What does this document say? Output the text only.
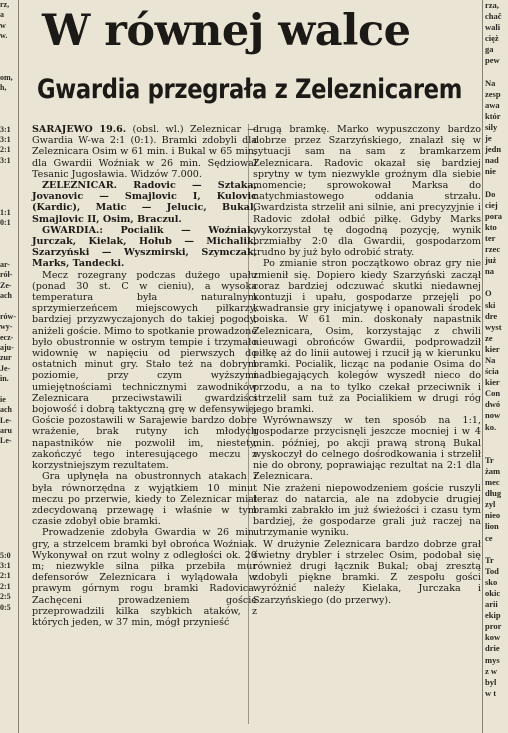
rz,
a
w
w.
om,
h,
3:1
3:1
2:1
3:1
1:1
0:1
ar-
rół-
Ze-
ach
rów-
wy-
ecz-
aju-
zur
Je-
in.
ie
ach
Le-
aru
Le-
5:0
3:1
2:1
2:1
2:5
0:5
rza,
chač
wali
cięż
ga
pew
Na
zesp
awa
któr
sily
je
jedn
nad
nie
Do
ciej
pora
kto
ter
rzec
już
na
O
ski
dre
wyst
ze
kier
Na
ścia
kier
Con
dwó
now
ko.
Tr
żam
mec
dług
zyl
nieo
lion
ce
Tr
Tod
sko
okic
arii
ekip
pror
kow
drie
mys
z w
byl
w t
W równej walce
Gwardia przegrała z Zeleznicarem

SARAJEWO 19.6. (obsl. wl.) Zeleznicar — Gwardia W-wa 2:1 (0:1). Bramki zdobyli dla Zeleznicara Osim w 61 min. i Bukal w 65 min, dla Gwardii Woźniak w 26 min. Sędziował Tesanic Jugosławia. Widzów 7.000.

ZELEZNICAR. Radovic — Sztaka, Jovanovic — Smajlovic I, Kulovic (Kardic), Matic — Jelucic, Bukal, Smajlovic II, Osim, Braczul.

GWARDIA.: Pocialik — Woźniak, Jurczak, Kielak, Hołub — Michalik, Szarzyński — Wyszmirski, Szymczak, Marks, Tandecki.

Mecz rozegrany podczas dużego upału (ponad 30 st. C w cieniu), a wysoka temperatura była naturalnym sprzymierzeńcem miejscowych piłkarzy, bardziej przyzwyczajonych do takiej pogody, aniżeli goście. Mimo to spotkanie prowadzone było obustronnie w ostrym tempie i trzymało widownię w napięciu od pierwszych do ostatnich minut gry. Stało też na dobrym poziomie, przy czym wyższymi umiejętnościami technicznymi zawodników Zeleznicara przeciwstawili gwardziści bojowość i dobrą taktyczną grę w defensywie. Goście pozostawili w Sarajewie bardzo dobre wrażenie, brak rutyny ich młodych napastników nie pozwolił im, niestety, zakończyć tego interesującego meczu z korzystniejszym rezultatem.

Gra upłynęła na obustronnych atakach i była równorzędna z wyjątkiem 10 minut meczu po przerwie, kiedy to Zeleznicar miał zdecydowaną przewagę i właśnie w tym czasie zdobył obie bramki.

Prowadzenie zdobyła Gwardia w 26 min. gry, a strzelcem bramki był obrońca Woźniak. Wykonywał on rzut wolny z odległości ok. 20 m; niezwykle silna piłka przebiła mur defensorów Zeleznicara i wylądowała w prawym górnym rogu bramki Radovica. Zachęceni prowadzeniem goście przeprowadzili kilka szybkich ataków, z których jeden, w 37 min, mógł przynieść

drugą bramkę. Marko wypuszczony bardzo dobrze przez Szarzyńskiego, znalazł się w sytuacji sam na sam z bramkarzem Zeleznicara. Radovic okazał się bardziej sprytny w tym niezwykle groźnym dla siebie momencie; sprowokował Marksa do natychmiastowego oddania strzału. Gwardzista strzelił ani silnie, ani precyzyjnie i Radovic zdołał odbić piłkę. Gdyby Marks wykorzystał tę dogodną pozycję, wynik brzmiałby 2:0 dla Gwardii, gospodarzom trudno by już było odrobić straty.

Po zmianie stron początkowo obraz gry nie zmienił się. Dopiero kiedy Szarzyński zaczął coraz bardziej odczuwać skutki niedawnej kontuzji i upału, gospodarze przejęli po kwadransie gry inicjatywę i opanowali środek boiska. W 61 min. doskonały napastnik Zeleznicara, Osim, korzystając z chwili nieuwagi obrońców Gwardii, podprowadził piłkę aż do linii autowej i rzucił ją w kierunku bramki. Pocialik, licząc na podanie Osima do nadbiegających kolegów wyszedł nieco do przodu, a na to tylko czekał przeciwnik i strzelił sam tuż za Pocialikiem w drugi róg jego bramki.

Wyrównawszy w ten sposób na 1:1, gospodarze przycisnęli jeszcze mocniej i w 4 min. później, po akcji prawą stroną Bukal wyskoczył do celnego dośrodkowania i strzelił nie do obrony, poprawiając rezultat na 2:1 dla Zeleznicara.

Nie zrażeni niepowodzeniem goście ruszyli teraz do natarcia, ale na zdobycie drugiej bramki zabrakło im już świeżości i czasu tym bardziej, że gospodarze grali już raczej na utrzymanie wyniku.

W drużynie Zeleznicara bardzo dobrze grał świetny drybler i strzelec Osim, podobał się również drugi łącznik Bukal; obaj zresztą zdobyli piękne bramki. Z zespołu gości wyróżnić należy Kielaka, Jurczaka i Szarzyńskiego (do przerwy).
